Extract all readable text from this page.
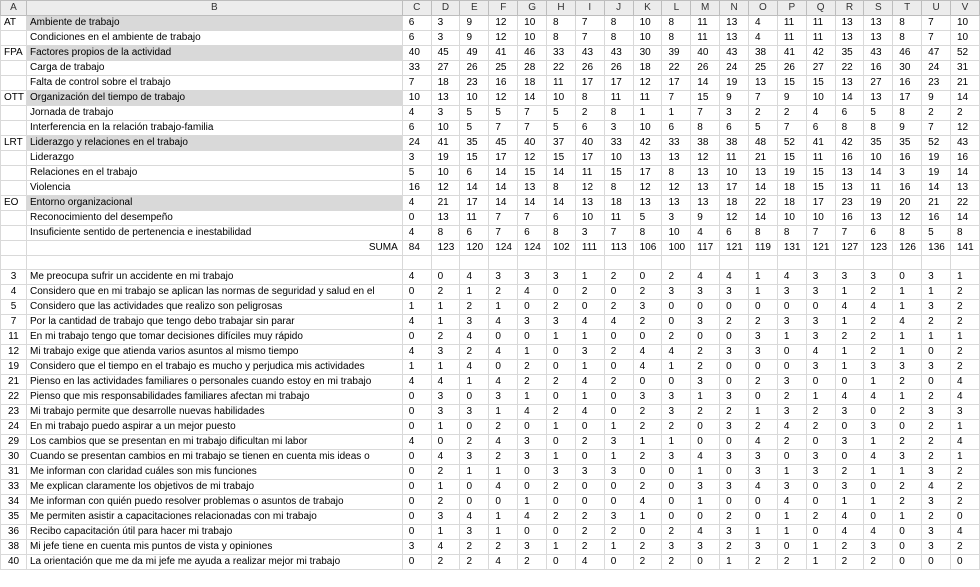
A	B	C	D	E	F	G	H	I	J	K	L	M	N	O	P	Q	R	S	T	U	V
AT	Ambiente de trabajo	6	3	9	12	10	8	7	8	10	8	11	13	4	11	11	13	13	8	7	10
	Condiciones en el ambiente de trabajo	6	3	9	12	10	8	7	8	10	8	11	13	4	11	11	13	13	8	7	10
FPA	Factores propios de la actividad	40	45	49	41	46	33	43	43	30	39	40	43	38	41	42	35	43	46	47	52
	Carga de trabajo	33	27	26	25	28	22	26	26	18	22	26	24	25	26	27	22	16	30	24	31
	Falta de control sobre el trabajo	7	18	23	16	18	11	17	17	12	17	14	19	13	15	15	13	27	16	23	21
OTT	Organización del tiempo de trabajo	10	13	10	12	14	10	8	11	11	7	15	9	7	9	10	14	13	17	9	14
	Jornada de trabajo	4	3	5	5	7	5	2	8	1	1	7	3	2	2	4	6	5	8	2	2
	Interferencia en la relación trabajo-familia	6	10	5	7	7	5	6	3	10	6	8	6	5	7	6	8	8	9	7	12
LRT	Liderazgo y relaciones en el trabajo	24	41	35	45	40	37	40	33	42	33	38	38	48	52	41	42	35	35	52	43
	Liderazgo	3	19	15	17	12	15	17	10	13	13	12	11	21	15	11	16	10	16	19	16
	Relaciones en el trabajo	5	10	6	14	15	14	11	15	17	8	13	10	13	19	15	13	14	3	19	14
	Violencia	16	12	14	14	13	8	12	8	12	12	13	17	14	18	15	13	11	16	14	13
EO	Entorno organizacional	4	21	17	14	14	14	13	18	13	13	13	18	22	18	17	23	19	20	21	22
	Reconocimiento del desempeño	0	13	11	7	7	6	10	11	5	3	9	12	14	10	10	16	13	12	16	14
	Insuficiente sentido de pertenencia e inestabilidad	4	8	6	7	6	8	3	7	8	10	4	6	8	8	7	7	6	8	5	8
	SUMA	84	123	120	124	124	102	111	113	106	100	117	121	119	131	121	127	123	126	136	141

3	Me preocupa sufrir un accidente en mi trabajo	4	0	4	3	3	3	1	2	0	2	4	4	1	4	3	3	3	0	3	1
4	Considero que en mi trabajo se aplican las normas de seguridad y salud en el	0	2	1	2	4	0	2	0	2	3	3	3	1	3	3	1	2	1	1	2
5	Considero que las actividades que realizo son peligrosas	1	1	2	1	0	2	0	2	3	0	0	0	0	0	0	4	4	1	3	2
7	Por la cantidad de trabajo que tengo debo trabajar sin parar	4	1	3	4	3	3	4	4	2	0	3	2	2	3	3	1	2	4	2	2
11	En mi trabajo tengo que tomar decisiones difíciles muy rápido	0	2	4	0	0	1	1	0	0	2	0	0	3	1	3	2	2	1	1	1
12	Mi trabajo exige que atienda varios asuntos al mismo tiempo	4	3	2	4	1	0	3	2	4	4	2	3	3	0	4	1	2	1	0	2
19	Considero que el tiempo en el trabajo es mucho y perjudica mis actividades	1	1	4	0	2	0	1	0	4	1	2	0	0	0	3	1	3	3	3	2
21	Pienso en las actividades familiares o personales cuando estoy en mi trabajo	4	4	1	4	2	2	4	2	0	0	3	0	2	3	0	0	1	2	0	4
22	Pienso que mis responsabilidades familiares afectan mi trabajo	0	3	0	3	1	0	1	0	3	3	1	3	0	2	1	4	4	1	2	4
23	Mi trabajo permite que desarrolle nuevas habilidades	0	3	3	1	4	2	4	0	2	3	2	2	1	3	2	3	0	2	3	3
24	En mi trabajo puedo aspirar a un mejor puesto	0	1	0	2	0	1	0	1	2	2	0	3	2	4	2	0	3	0	2	1
29	Los cambios que se presentan en mi trabajo dificultan mi labor	4	0	2	4	3	0	2	3	1	1	0	0	4	2	0	3	1	2	2	4
30	Cuando se presentan cambios en mi trabajo se tienen en cuenta mis ideas o	0	4	3	2	3	1	0	1	2	3	4	3	3	0	3	0	4	3	2	1
31	Me informan con claridad cuáles son mis funciones	0	2	1	1	0	3	3	3	0	0	1	0	3	1	3	2	1	1	3	2
33	Me explican claramente los objetivos de mi trabajo	0	1	0	4	0	2	0	0	2	0	3	3	4	3	0	3	0	2	4	2
34	Me informan con quién puedo resolver problemas o asuntos de trabajo	0	2	0	0	1	0	0	0	4	0	1	0	0	4	0	1	1	2	3	2
35	Me permiten asistir a capacitaciones relacionadas con mi trabajo	0	3	4	1	4	2	2	3	1	0	0	2	0	1	2	4	0	1	2	0
36	Recibo capacitación útil para hacer mi trabajo	0	1	3	1	0	0	2	2	0	2	4	3	1	1	0	4	4	0	3	4
38	Mi jefe tiene en cuenta mis puntos de vista y opiniones	3	4	2	2	3	1	2	1	2	3	3	2	3	0	1	2	3	0	3	2
40	La orientación que me da mi jefe me ayuda a realizar mejor mi trabajo	0	2	2	4	2	0	4	0	2	2	0	1	2	2	1	2	2	0	0	0
